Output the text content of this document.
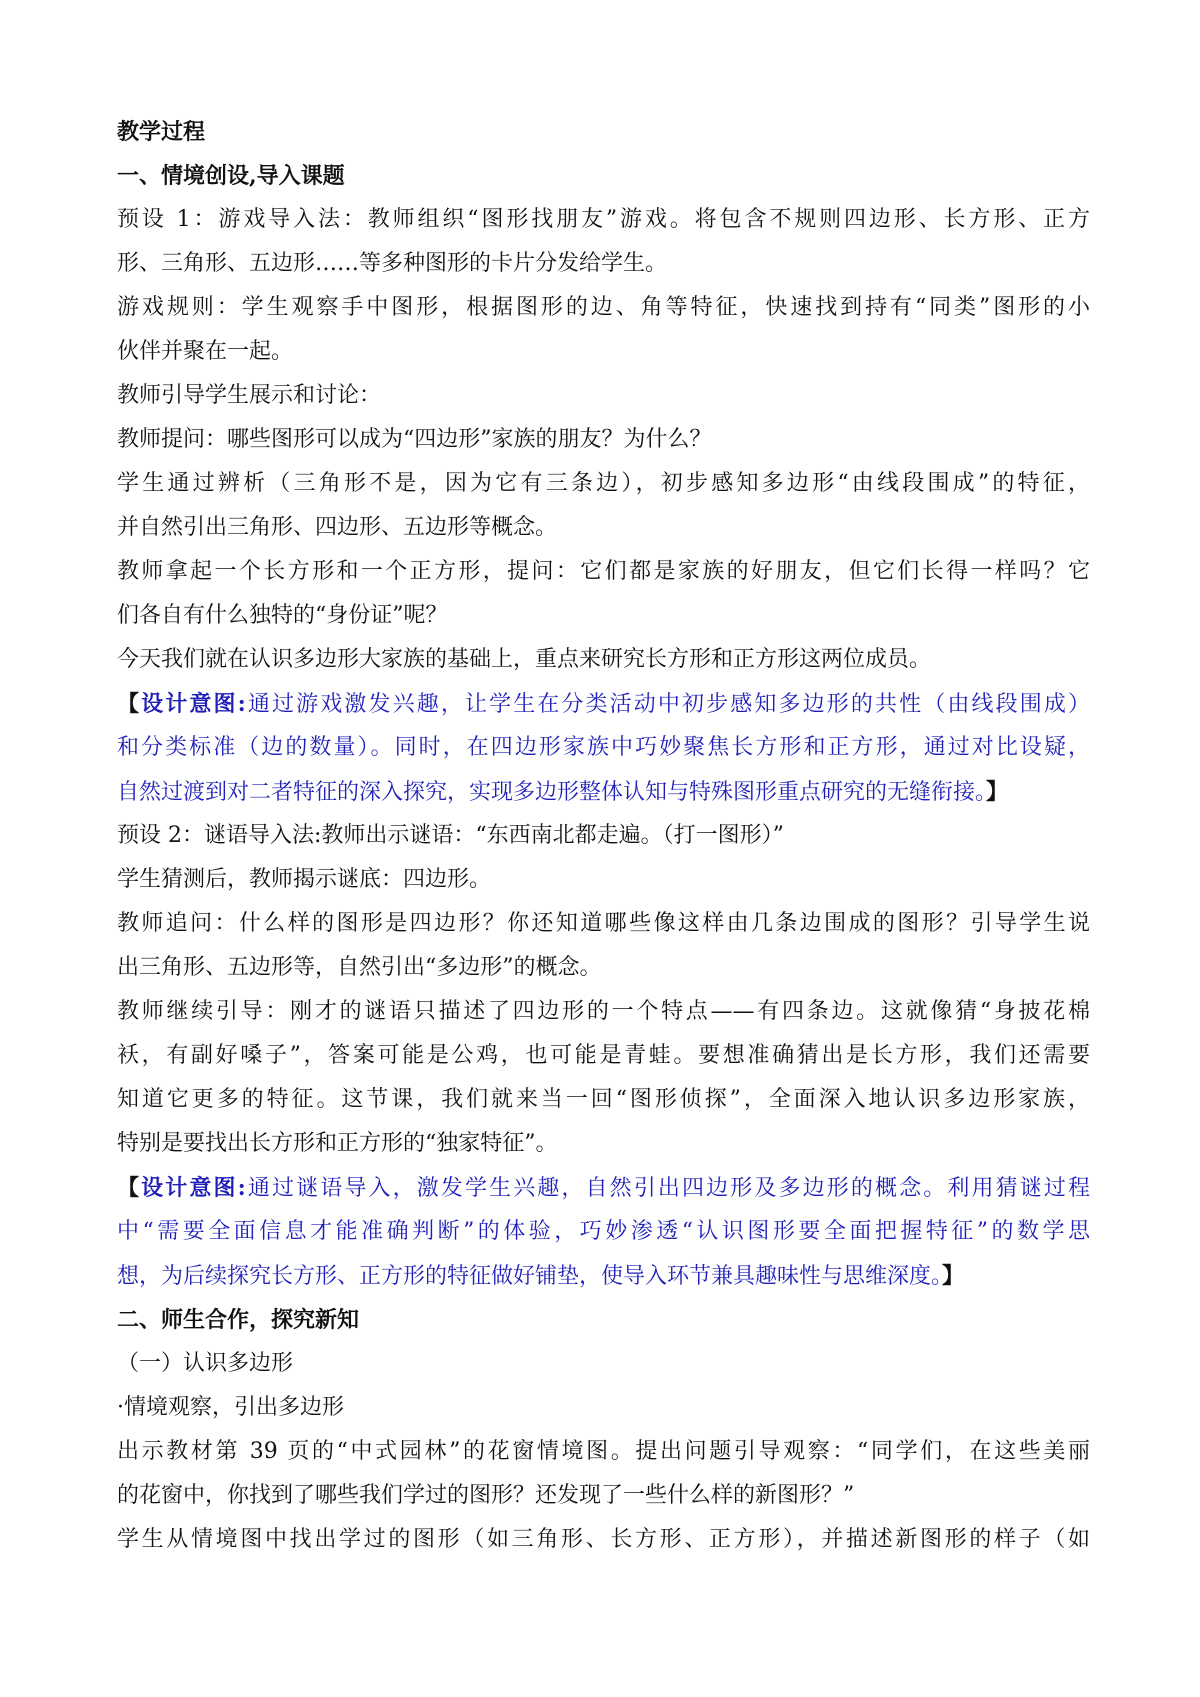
教学过程
一、情境创设,导入课题
预设 1：游戏导入法：教师组织“图形找朋友”游戏。将包含不规则四边形、长方形、正方
形、三角形、五边形……等多种图形的卡片分发给学生。
游戏规则：学生观察手中图形，根据图形的边、角等特征，快速找到持有“同类”图形的小
伙伴并聚在一起。
教师引导学生展示和讨论：
教师提问：哪些图形可以成为“四边形”家族的朋友？为什么？
学生通过辨析（三角形不是，因为它有三条边），初步感知多边形“由线段围成”的特征，
并自然引出三角形、四边形、五边形等概念。
教师拿起一个长方形和一个正方形，提问：它们都是家族的好朋友，但它们长得一样吗？它
们各自有什么独特的“身份证”呢？
今天我们就在认识多边形大家族的基础上，重点来研究长方形和正方形这两位成员。
【设计意图:通过游戏激发兴趣，让学生在分类活动中初步感知多边形的共性（由线段围成）
和分类标准（边的数量）。同时，在四边形家族中巧妙聚焦长方形和正方形，通过对比设疑，
自然过渡到对二者特征的深入探究，实现多边形整体认知与特殊图形重点研究的无缝衔接。】
预设 2：谜语导入法:教师出示谜语：“东西南北都走遍。（打一图形）”
学生猜测后，教师揭示谜底：四边形。
教师追问：什么样的图形是四边形？你还知道哪些像这样由几条边围成的图形？引导学生说
出三角形、五边形等，自然引出“多边形”的概念。
教师继续引导：刚才的谜语只描述了四边形的一个特点——有四条边。这就像猜“身披花棉
袄，有副好嗓子”，答案可能是公鸡，也可能是青蛙。要想准确猜出是长方形，我们还需要
知道它更多的特征。这节课，我们就来当一回“图形侦探”，全面深入地认识多边形家族，
特别是要找出长方形和正方形的“独家特征”。
【设计意图:通过谜语导入，激发学生兴趣，自然引出四边形及多边形的概念。利用猜谜过程
中“需要全面信息才能准确判断”的体验，巧妙渗透“认识图形要全面把握特征”的数学思
想，为后续探究长方形、正方形的特征做好铺垫，使导入环节兼具趣味性与思维深度。】
二、师生合作，探究新知
（一）认识多边形
·情境观察，引出多边形
出示教材第 39 页的“中式园林”的花窗情境图。提出问题引导观察：“同学们，在这些美丽
的花窗中，你找到了哪些我们学过的图形？还发现了一些什么样的新图形？”
学生从情境图中找出学过的图形（如三角形、长方形、正方形），并描述新图形的样子（如
